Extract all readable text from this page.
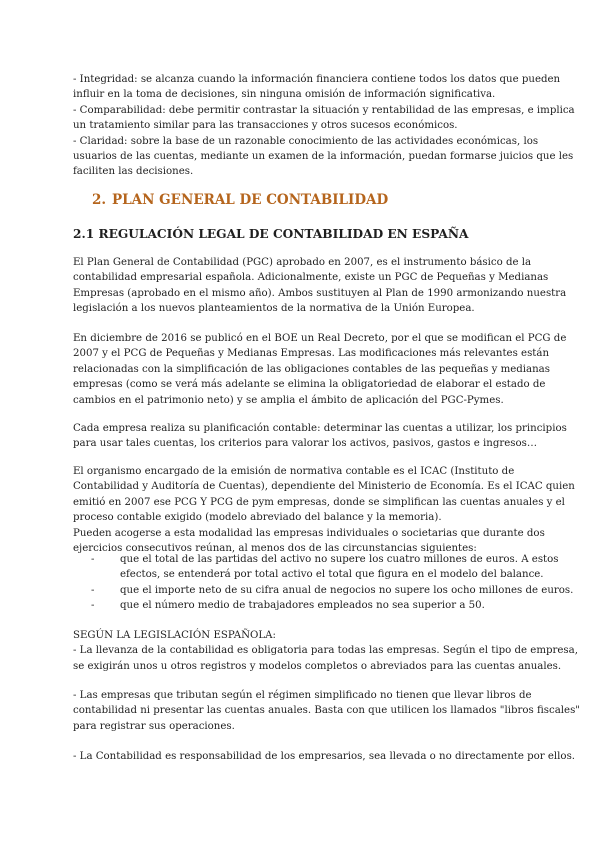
- Integridad: se alcanza cuando la información financiera contiene todos los datos que pueden
influir en la toma de decisiones, sin ninguna omisión de información significativa.
- Comparabilidad: debe permitir contrastar la situación y rentabilidad de las empresas, e implica
un tratamiento similar para las transacciones y otros sucesos económicos.
- Claridad: sobre la base de un razonable conocimiento de las actividades económicas, los
usuarios de las cuentas, mediante un examen de la información, puedan formarse juicios que les
faciliten las decisiones.
2. PLAN GENERAL DE CONTABILIDAD
2.1 REGULACIÓN LEGAL DE CONTABILIDAD EN ESPAÑA
El Plan General de Contabilidad (PGC) aprobado en 2007, es el instrumento básico de la
contabilidad empresarial española. Adicionalmente, existe un PGC de Pequeñas y Medianas
Empresas (aprobado en el mismo año). Ambos sustituyen al Plan de 1990 armonizando nuestra
legislación a los nuevos planteamientos de la normativa de la Unión Europea.
En diciembre de 2016 se publicó en el BOE un Real Decreto, por el que se modifican el PCG de
2007 y el PCG de Pequeñas y Medianas Empresas. Las modificaciones más relevantes están
relacionadas con la simplificación de las obligaciones contables de las pequeñas y medianas
empresas (como se verá más adelante se elimina la obligatoriedad de elaborar el estado de
cambios en el patrimonio neto) y se amplia el ámbito de aplicación del PGC-Pymes.
Cada empresa realiza su planificación contable: determinar las cuentas a utilizar, los principios
para usar tales cuentas, los criterios para valorar los activos, pasivos, gastos e ingresos…
El organismo encargado de la emisión de normativa contable es el ICAC (Instituto de
Contabilidad y Auditoría de Cuentas), dependiente del Ministerio de Economía. Es el ICAC quien
emitió en 2007 ese PCG Y PCG de pym empresas, donde se simplifican las cuentas anuales y el
proceso contable exigido (modelo abreviado del balance y la memoria).
Pueden acogerse a esta modalidad las empresas individuales o societarias que durante dos
ejercicios consecutivos reúnan, al menos dos de las circunstancias siguientes:
-	que el total de las partidas del activo no supere los cuatro millones de euros. A estos
efectos, se entenderá por total activo el total que figura en el modelo del balance.
-	que el importe neto de su cifra anual de negocios no supere los ocho millones de euros.
-	que el número medio de trabajadores empleados no sea superior a 50.
SEGÚN LA LEGISLACIÓN ESPAÑOLA:
- La llevanza de la contabilidad es obligatoria para todas las empresas. Según el tipo de empresa,
se exigirán unos u otros registros y modelos completos o abreviados para las cuentas anuales.
- Las empresas que tributan según el régimen simplificado no tienen que llevar libros de
contabilidad ni presentar las cuentas anuales. Basta con que utilicen los llamados "libros fiscales"
para registrar sus operaciones.
- La Contabilidad es responsabilidad de los empresarios, sea llevada o no directamente por ellos.
